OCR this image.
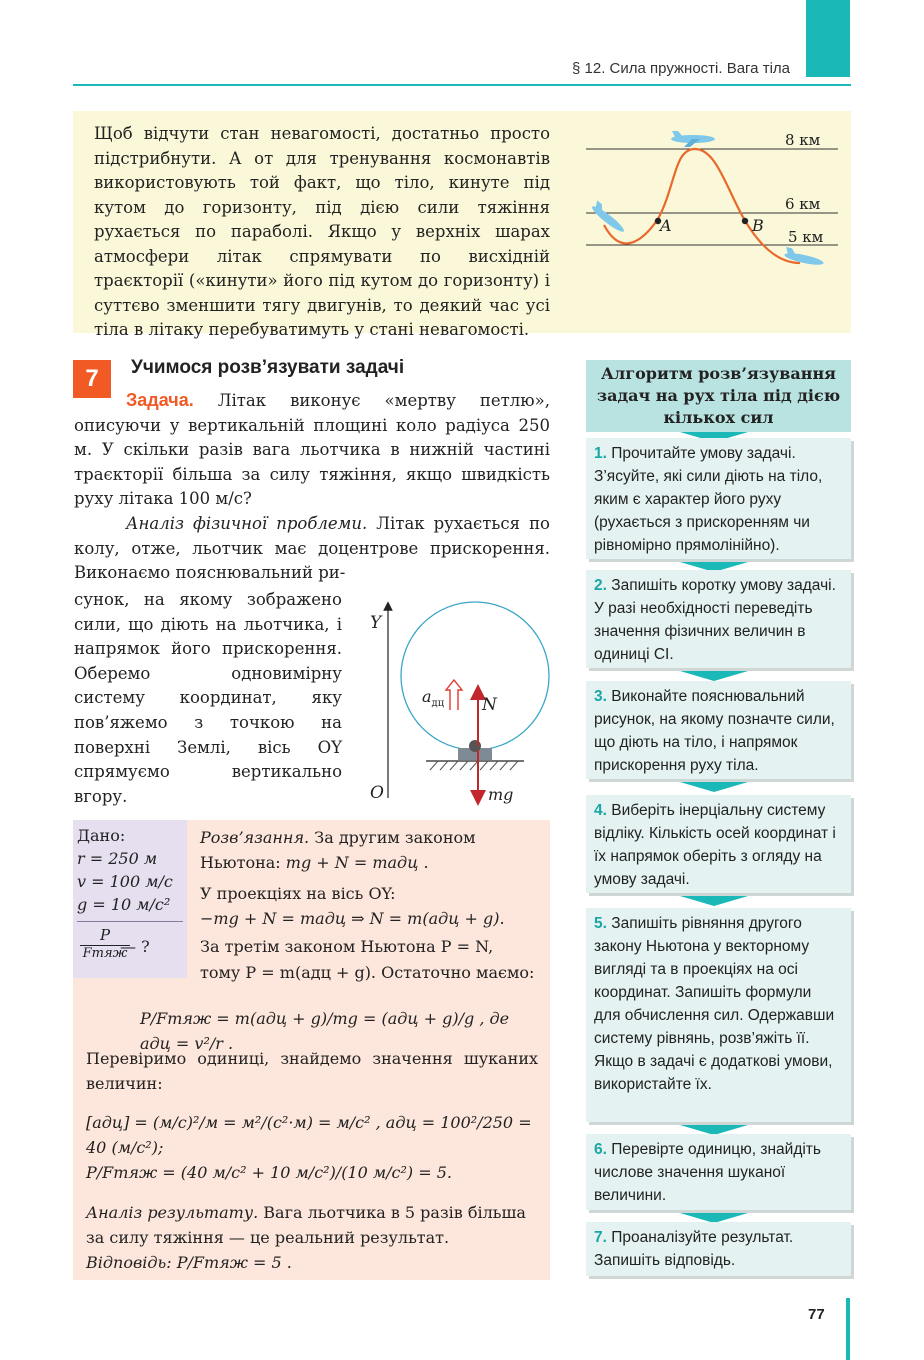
§ 12. Сила пружності. Вага тіла
Щоб відчути стан невагомості, достатньо просто підстрибнути. А от для тренування космонавтів використовують той факт, що тіло, кинуте під кутом до горизонту, під дією сили тяжіння рухається по параболі. Якщо у верхніх шарах атмосфери літак спрямувати по висхідній траєкторії («кинути» його під кутом до горизонту) і суттєво зменшити тягу двигунів, то деякий час усі тіла в літаку перебуватимуть у стані невагомості.
A	B
8 км
6 км
5 км
7	Учимося розв’язувати задачі
Задача. Літак виконує «мертву петлю», описуючи у вертикальній площині коло радіуса 250 м. У скільки разів вага льотчика в нижній частині траєкторії більша за силу тяжіння, якщо швидкість руху літака 100 м/с?
Аналіз фізичної проблеми. Літак рухається по колу, отже, льотчик має доцентрове прискорення. Виконаємо пояснювальний ри-
сунок, на якому зображено сили, що діють на льотчика, і напрямок його прискорення. Оберемо одновимірну систему координат, яку пов’яжемо з точкою на поверхні Землі, вісь OY спрямуємо вертикально вгору.
Y
O
$a_{дц}$ N
mg
Дано:
r = 250 м
v = 100 м/с
g = 10 м/с²
P
Fтяж
— ?
Розв’язання. За другим законом Ньютона: mg + N = maдц .
У проекціях на вісь OY:
−mg + N = maдц ⇒ N = m(aдц + g).
За третім законом Ньютона P = N,
тому P = m(aдц + g). Остаточно маємо:
P/Fтяж = m(aдц + g)/mg = (aдц + g)/g , де aдц = v²/r .
Перевіримо одиниці, знайдемо значення шуканих величин:
[aдц] = (м/с)²/м = м²/(с²·м) = м/с² , aдц = 100²/250 = 40 (м/с²);
P/Fтяж = (40 м/с² + 10 м/с²)/(10 м/с²) = 5.
Аналіз результату. Вага льотчика в 5 разів більша за силу тяжіння — це реальний результат.
Відповідь: P/Fтяж = 5 .
Алгоритм розв’язування задач на рух тіла під дією кількох сил
1. Прочитайте умову задачі. З’ясуйте, які сили діють на тіло, яким є характер його руху (рухається з прискоренням чи рівномірно прямолінійно).
2. Запишіть коротку умову задачі. У разі необхідності переведіть значення фізичних величин в одиниці СІ.
3. Виконайте пояснювальний рисунок, на якому позначте сили, що діють на тіло, і напрямок прискорення руху тіла.
4. Виберіть інерціальну систему відліку. Кількість осей координат і їх напрямок оберіть з огляду на умову задачі.
5. Запишіть рівняння другого закону Ньютона у векторному вигляді та в проекціях на осі координат. Запишіть формули для обчислення сил. Одержавши систему рівнянь, розв’яжіть її. Якщо в задачі є додаткові умови, використайте їх.
6. Перевірте одиницю, знайдіть числове значення шуканої величини.
7. Проаналізуйте результат. Запишіть відповідь.
77
